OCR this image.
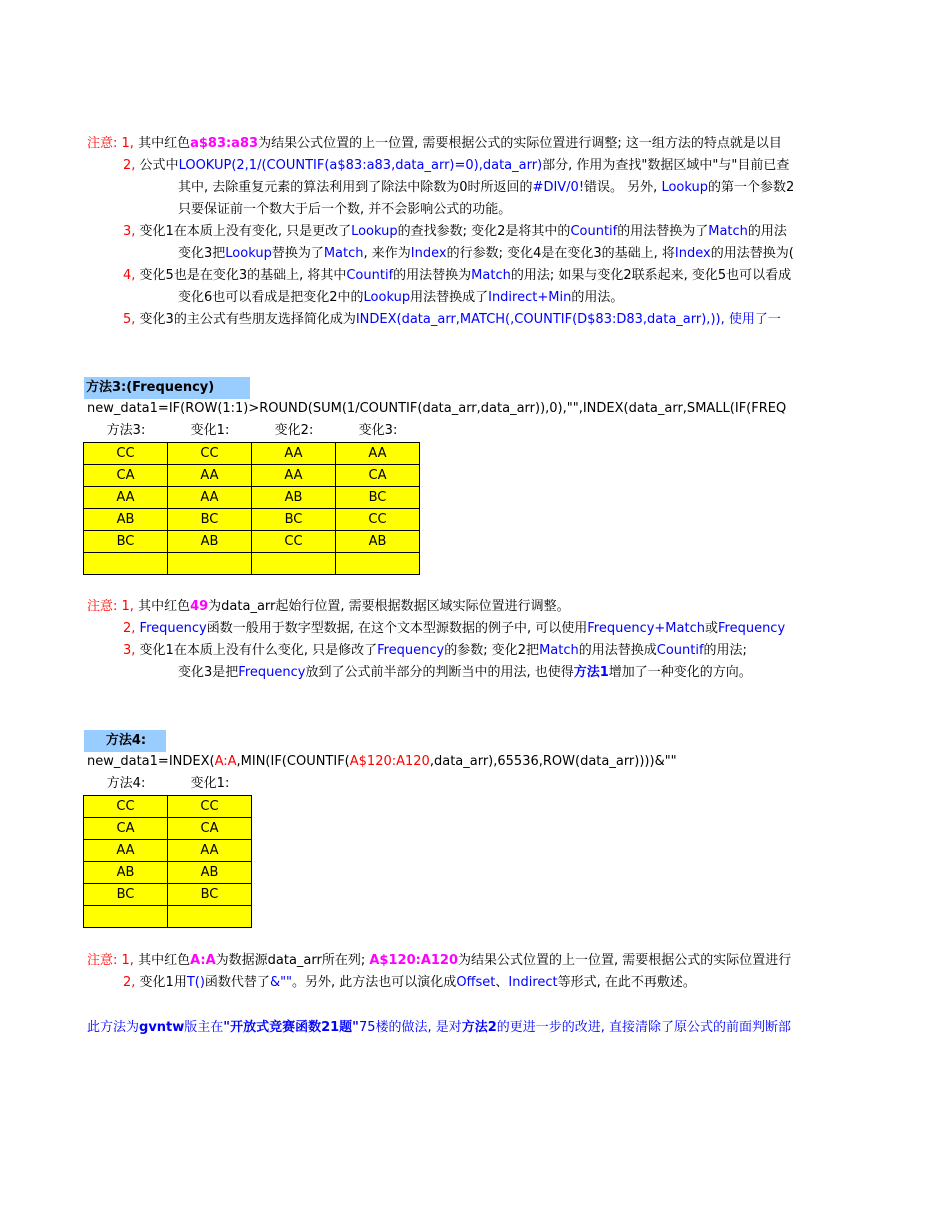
注意: 1, 其中红色a$83:a83为结果公式位置的上一位置, 需要根据公式的实际位置进行调整; 这一组方法的特点就是以目
2, 公式中LOOKUP(2,1/(COUNTIF(a$83:a83,data_arr)=0),data_arr)部分, 作用为查找"数据区域中"与"目前已查
其中, 去除重复元素的算法利用到了除法中除数为0时所返回的#DIV/0!错误。 另外, Lookup的第一个参数2
只要保证前一个数大于后一个数, 并不会影响公式的功能。
3, 变化1在本质上没有变化, 只是更改了Lookup的查找参数; 变化2是将其中的Countif的用法替换为了Match的用法
变化3把Lookup替换为了Match, 来作为Index的行参数; 变化4是在变化3的基础上, 将Index的用法替换为(
4, 变化5也是在变化3的基础上, 将其中Countif的用法替换为Match的用法; 如果与变化2联系起来, 变化5也可以看成
变化6也可以看成是把变化2中的Lookup用法替换成了Indirect+Min的用法。
5, 变化3的主公式有些朋友选择简化成为INDEX(data_arr,MATCH(,COUNTIF(D$83:D83,data_arr),)), 使用了一
方法3:(Frequency)
new_data1=IF(ROW(1:1)>ROUND(SUM(1/COUNTIF(data_arr,data_arr)),0),"",INDEX(data_arr,SMALL(IF(FREQ
方法3:	变化1:	变化2:	变化3:
CC	CC	AA	AA
CA	AA	AA	CA
AA	AA	AB	BC
AB	BC	BC	CC
BC	AB	CC	AB

注意: 1, 其中红色49为data_arr起始行位置, 需要根据数据区域实际位置进行调整。
2, Frequency函数一般用于数字型数据, 在这个文本型源数据的例子中, 可以使用Frequency+Match或Frequency
3, 变化1在本质上没有什么变化, 只是修改了Frequency的参数; 变化2把Match的用法替换成Countif的用法;
变化3是把Frequency放到了公式前半部分的判断当中的用法, 也使得方法1增加了一种变化的方向。
方法4:
new_data1=INDEX(A:A,MIN(IF(COUNTIF(A$120:A120,data_arr),65536,ROW(data_arr))))&""
方法4:	变化1:
CC	CC
CA	CA
AA	AA
AB	AB
BC	BC

注意: 1, 其中红色A:A为数据源data_arr所在列; A$120:A120为结果公式位置的上一位置, 需要根据公式的实际位置进行
2, 变化1用T()函数代替了&""。另外, 此方法也可以演化成Offset、Indirect等形式, 在此不再敷述。
此方法为gvntw版主在"开放式竞赛函数21题"75楼的做法, 是对方法2的更进一步的改进, 直接清除了原公式的前面判断部
